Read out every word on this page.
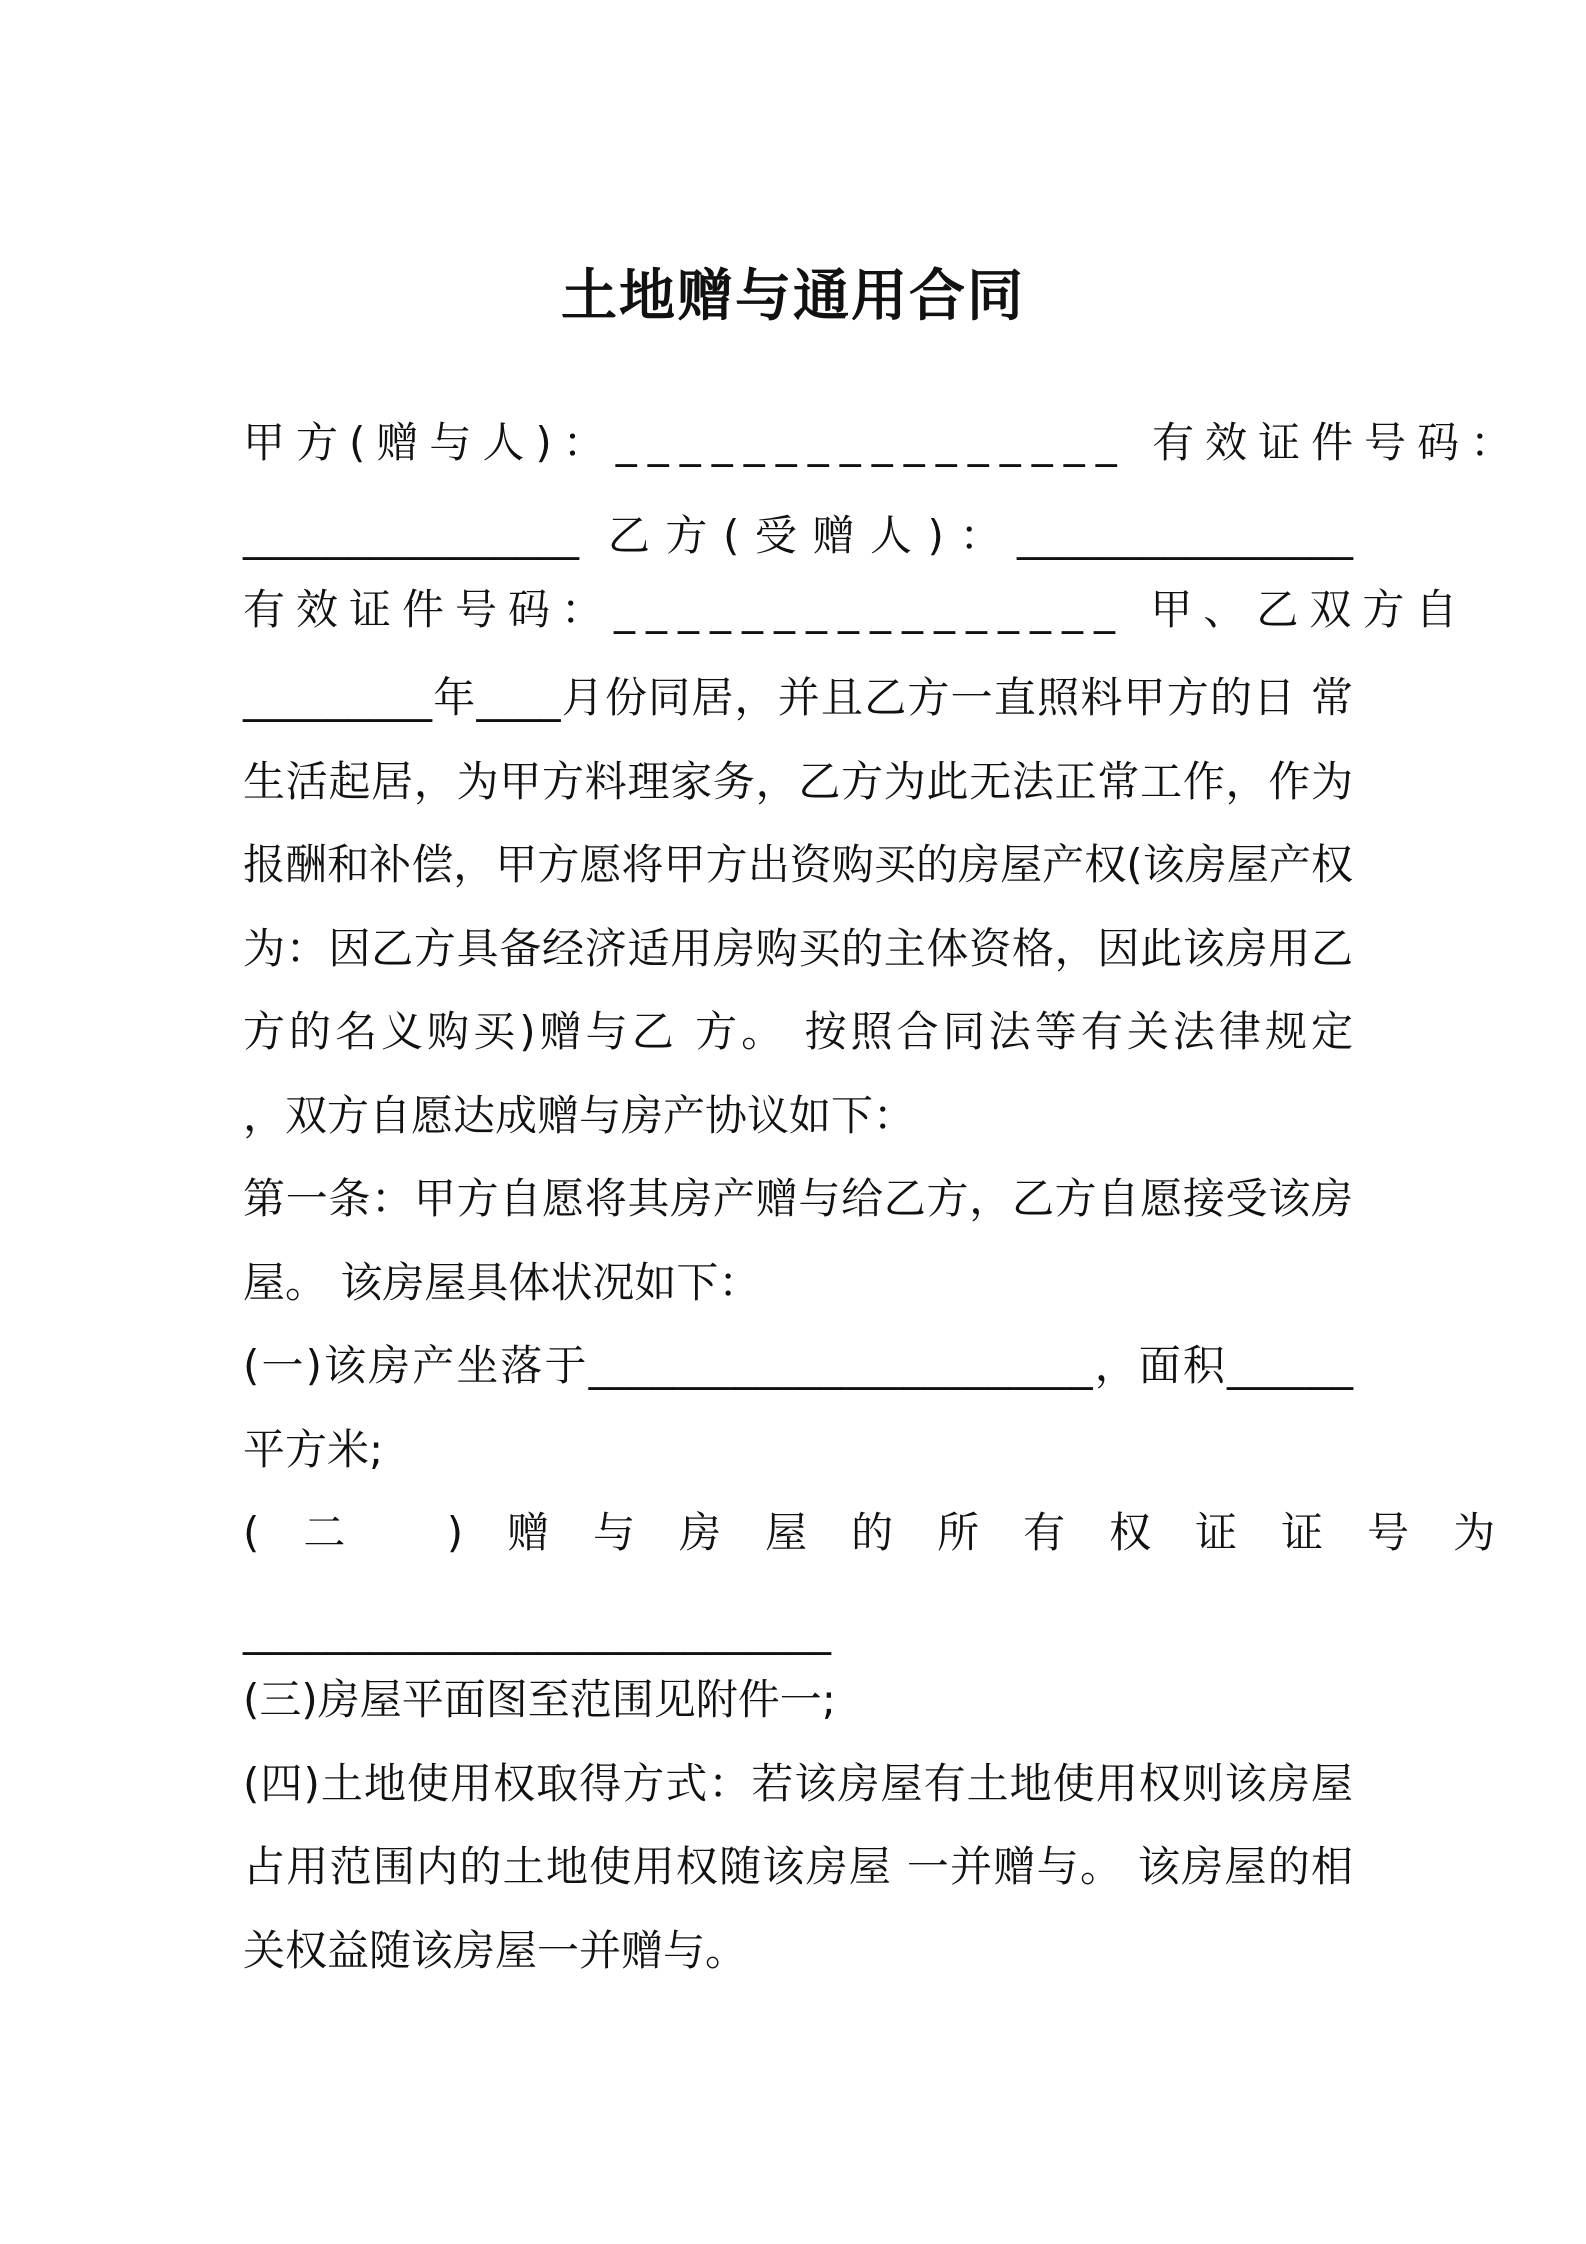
土地赠与通用合同
甲方(赠与人)：________________ 有效证件号码：
________________ 乙方(受赠人)：________________
有效证件号码：________________ 甲、乙双方自
_________年____月份同居，并且乙方一直照料甲方的日 常
生活起居，为甲方料理家务，乙方为此无法正常工作，作为
报酬和补偿，甲方愿将甲方出资购买的房屋产权(该房屋产权
为：因乙方具备经济适用房购买的主体资格，因此该房用乙
方的名义购买)赠与乙 方。 按照合同法等有关法律规定
，双方自愿达成赠与房产协议如下：
第一条：甲方自愿将其房产赠与给乙方，乙方自愿接受该房
屋。 该房屋具体状况如下：
(一)该房产坐落于________________________，面积______
平方米;
(二 )赠与房屋的所有权证证号为
____________________________
(三)房屋平面图至范围见附件一;
(四)土地使用权取得方式：若该房屋有土地使用权则该房屋
占用范围内的土地使用权随该房屋 一并赠与。 该房屋的相
关权益随该房屋一并赠与。
